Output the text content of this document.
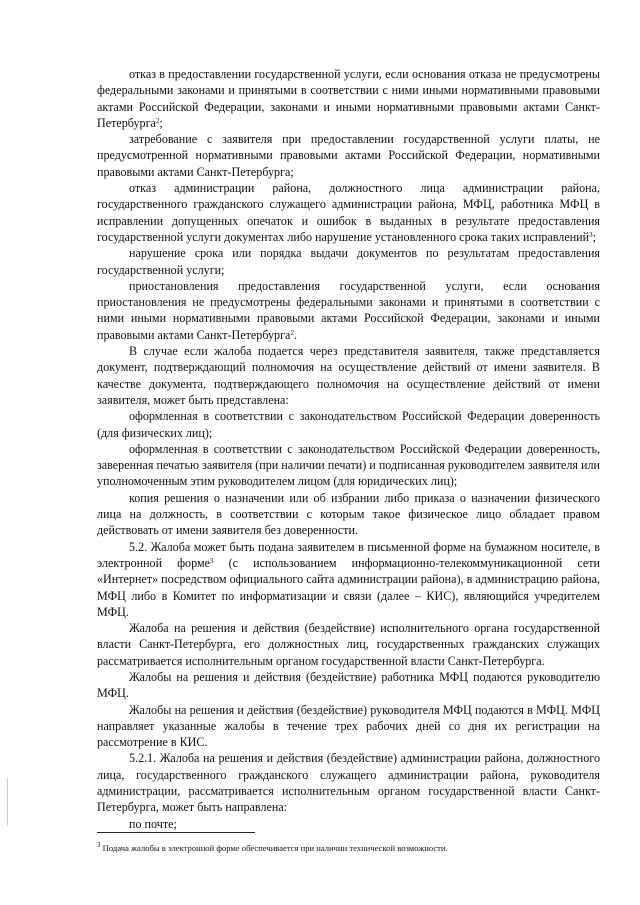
отказ в предоставлении государственной услуги, если основания отказа не предусмотрены федеральными законами и принятыми в соответствии с ними иными нормативными правовыми актами Российской Федерации, законами и иными нормативными правовыми актами Санкт-Петербурга$^2$;

затребование с заявителя при предоставлении государственной услуги платы, не предусмотренной нормативными правовыми актами Российской Федерации, нормативными правовыми актами Санкт-Петербурга;

отказ администрации района, должностного лица администрации района, государственного гражданского служащего администрации района, МФЦ, работника МФЦ в исправлении допущенных опечаток и ошибок в выданных в результате предоставления государственной услуги документах либо нарушение установленного срока таких исправлений$^3$;

нарушение срока или порядка выдачи документов по результатам предоставления государственной услуги;

приостановления предоставления государственной услуги, если основания приостановления не предусмотрены федеральными законами и принятыми в соответствии с ними иными нормативными правовыми актами Российской Федерации, законами и иными правовыми актами Санкт-Петербурга$^2$.

В случае если жалоба подается через представителя заявителя, также представляется документ, подтверждающий полномочия на осуществление действий от имени заявителя. В качестве документа, подтверждающего полномочия на осуществление действий от имени заявителя, может быть представлена:

оформленная в соответствии с законодательством Российской Федерации доверенность (для физических лиц);

оформленная в соответствии с законодательством Российской Федерации доверенность, заверенная печатью заявителя (при наличии печати) и подписанная руководителем заявителя или уполномоченным этим руководителем лицом (для юридических лиц);

копия решения о назначении или об избрании либо приказа о назначении физического лица на должность, в соответствии с которым такое физическое лицо обладает правом действовать от имени заявителя без доверенности.

5.2. Жалоба может быть подана заявителем в письменной форме на бумажном носителе, в электронной форме$^3$ (с использованием информационно-телекоммуникационной сети «Интернет» посредством официального сайта администрации района), в администрацию района, МФЦ либо в Комитет по информатизации и связи (далее – КИС), являющийся учредителем МФЦ.

Жалоба на решения и действия (бездействие) исполнительного органа государственной власти Санкт-Петербурга, его должностных лиц, государственных гражданских служащих рассматривается исполнительным органом государственной власти Санкт-Петербурга.

Жалобы на решения и действия (бездействие) работника МФЦ подаются руководителю МФЦ.

Жалобы на решения и действия (бездействие) руководителя МФЦ подаются в МФЦ. МФЦ направляет указанные жалобы в течение трех рабочих дней со дня их регистрации на рассмотрение в КИС.

5.2.1. Жалоба на решения и действия (бездействие) администрации района, должностного лица, государственного гражданского служащего администрации района, руководителя администрации, рассматривается исполнительным органом государственной власти Санкт-Петербурга, может быть направлена:

по почте;

$^3$ Подача жалобы в электронной форме обеспечивается при наличии технической возможности.
